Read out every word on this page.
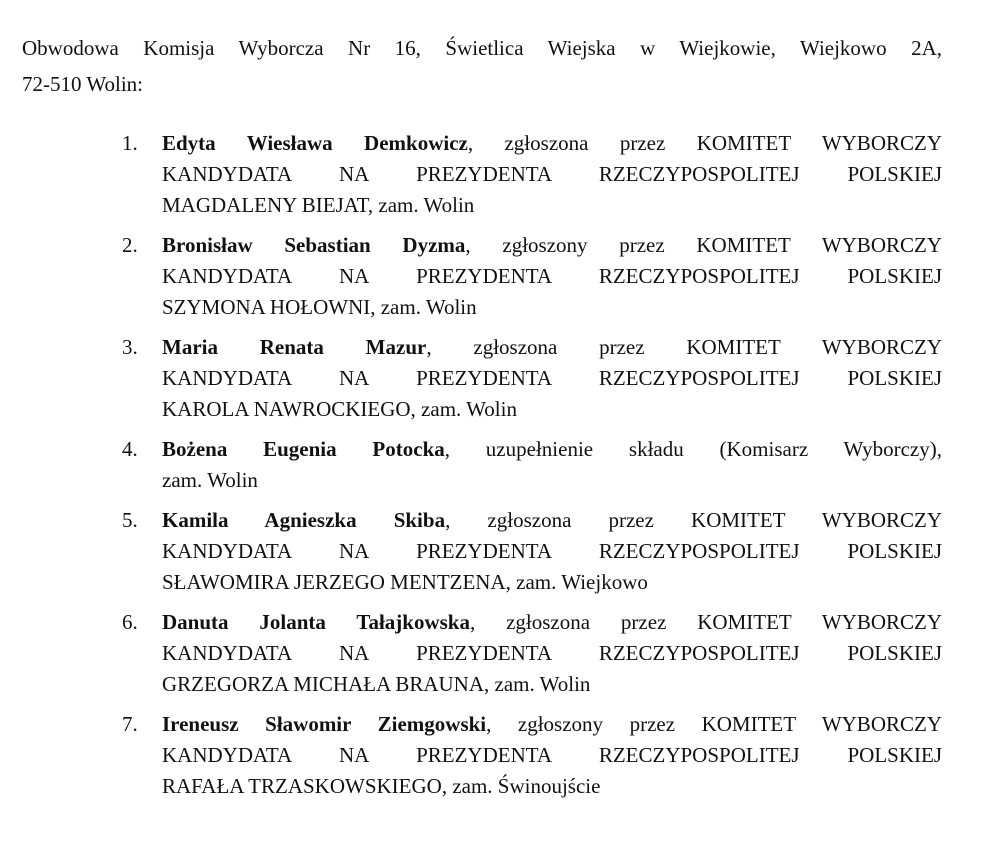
Obwodowa Komisja Wyborcza Nr 16, Świetlica Wiejska w Wiejkowie, Wiejkowo 2A,

72-510 Wolin:

1. Edyta Wiesława Demkowicz, zgłoszona przez KOMITET WYBORCZY
KANDYDATA NA PREZYDENTA RZECZYPOSPOLITEJ POLSKIEJ
MAGDALENY BIEJAT, zam. Wolin
2. Bronisław Sebastian Dyzma, zgłoszony przez KOMITET WYBORCZY
KANDYDATA NA PREZYDENTA RZECZYPOSPOLITEJ POLSKIEJ
SZYMONA HOŁOWNI, zam. Wolin
3. Maria Renata Mazur, zgłoszona przez KOMITET WYBORCZY
KANDYDATA NA PREZYDENTA RZECZYPOSPOLITEJ POLSKIEJ
KAROLA NAWROCKIEGO, zam. Wolin
4. Bożena Eugenia Potocka, uzupełnienie składu (Komisarz Wyborczy),
zam. Wolin
5. Kamila Agnieszka Skiba, zgłoszona przez KOMITET WYBORCZY
KANDYDATA NA PREZYDENTA RZECZYPOSPOLITEJ POLSKIEJ
SŁAWOMIRA JERZEGO MENTZENA, zam. Wiejkowo
6. Danuta Jolanta Tałajkowska, zgłoszona przez KOMITET WYBORCZY
KANDYDATA NA PREZYDENTA RZECZYPOSPOLITEJ POLSKIEJ
GRZEGORZA MICHAŁA BRAUNA, zam. Wolin
7. Ireneusz Sławomir Ziemgowski, zgłoszony przez KOMITET WYBORCZY
KANDYDATA NA PREZYDENTA RZECZYPOSPOLITEJ POLSKIEJ
RAFAŁA TRZASKOWSKIEGO, zam. Świnoujście
